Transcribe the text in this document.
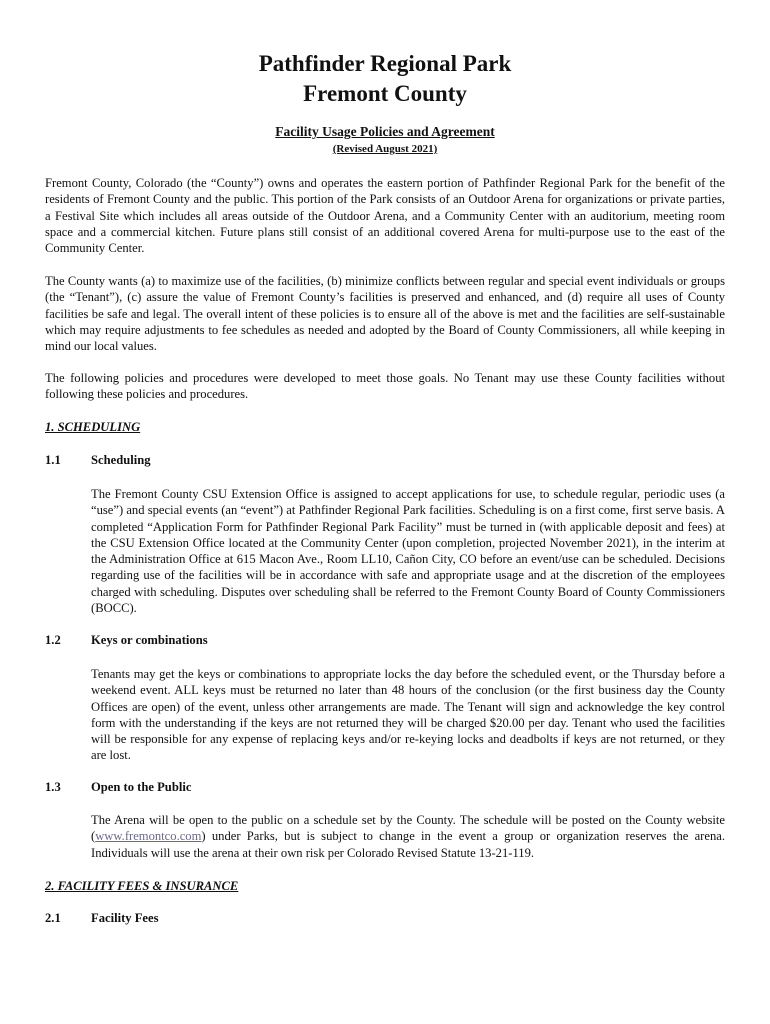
Pathfinder Regional Park
Fremont County
Facility Usage Policies and Agreement
(Revised August 2021)
Fremont County, Colorado (the “County”) owns and operates the eastern portion of Pathfinder Regional Park for the benefit of the residents of Fremont County and the public. This portion of the Park consists of an Outdoor Arena for organizations or private parties, a Festival Site which includes all areas outside of the Outdoor Arena, and a Community Center with an auditorium, meeting room space and a commercial kitchen. Future plans still consist of an additional covered Arena for multi-purpose use to the east of the Community Center.
The County wants (a) to maximize use of the facilities, (b) minimize conflicts between regular and special event individuals or groups (the “Tenant”), (c) assure the value of Fremont County’s facilities is preserved and enhanced, and (d) require all uses of County facilities be safe and legal. The overall intent of these policies is to ensure all of the above is met and the facilities are self-sustainable which may require adjustments to fee schedules as needed and adopted by the Board of County Commissioners, all while keeping in mind our local values.
The following policies and procedures were developed to meet those goals. No Tenant may use these County facilities without following these policies and procedures.
1. SCHEDULING
1.1 Scheduling
The Fremont County CSU Extension Office is assigned to accept applications for use, to schedule regular, periodic uses (a “use”) and special events (an “event”) at Pathfinder Regional Park facilities. Scheduling is on a first come, first serve basis. A completed “Application Form for Pathfinder Regional Park Facility” must be turned in (with applicable deposit and fees) at the CSU Extension Office located at the Community Center (upon completion, projected November 2021), in the interim at the Administration Office at 615 Macon Ave., Room LL10, Cañon City, CO before an event/use can be scheduled. Decisions regarding use of the facilities will be in accordance with safe and appropriate usage and at the discretion of the employees charged with scheduling. Disputes over scheduling shall be referred to the Fremont County Board of County Commissioners (BOCC).
1.2 Keys or combinations
Tenants may get the keys or combinations to appropriate locks the day before the scheduled event, or the Thursday before a weekend event. ALL keys must be returned no later than 48 hours of the conclusion (or the first business day the County Offices are open) of the event, unless other arrangements are made. The Tenant will sign and acknowledge the key control form with the understanding if the keys are not returned they will be charged $20.00 per day. Tenant who used the facilities will be responsible for any expense of replacing keys and/or re-keying locks and deadbolts if keys are not returned, or they are lost.
1.3 Open to the Public
The Arena will be open to the public on a schedule set by the County. The schedule will be posted on the County website (www.fremontco.com) under Parks, but is subject to change in the event a group or organization reserves the arena. Individuals will use the arena at their own risk per Colorado Revised Statute 13-21-119.
2. FACILITY FEES & INSURANCE
2.1 Facility Fees
